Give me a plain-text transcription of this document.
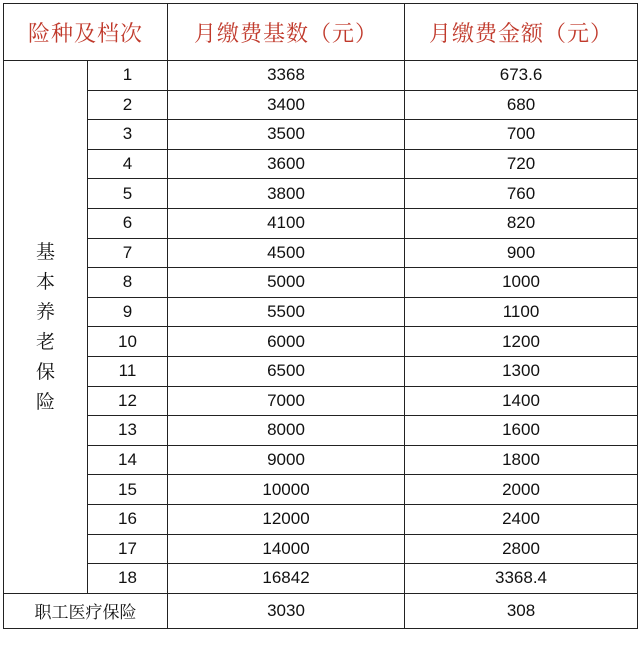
险种及档次		月缴费基数（元）	月缴费金额（元）
基本养老保险	1	3368	673.6
	2	3400	680
	3	3500	700
	4	3600	720
	5	3800	760
	6	4100	820
	7	4500	900
	8	5000	1000
	9	5500	1100
	10	6000	1200
	11	6500	1300
	12	7000	1400
	13	8000	1600
	14	9000	1800
	15	10000	2000
	16	12000	2400
	17	14000	2800
	18	16842	3368.4
职工医疗保险		3030	308
